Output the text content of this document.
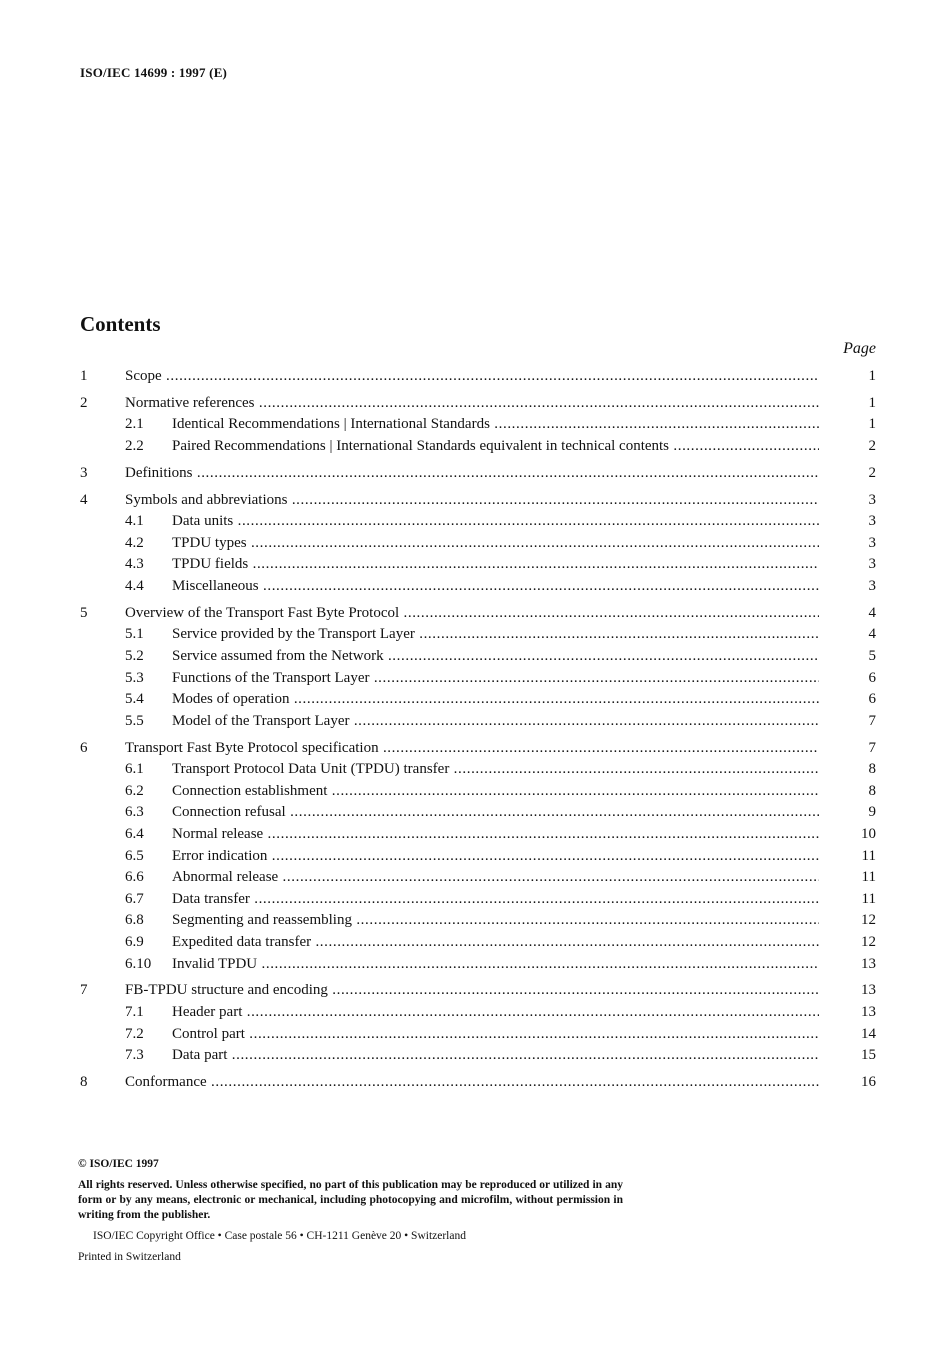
ISO/IEC 14699 : 1997 (E)
Contents
Page
1	Scope .....	1
2	Normative references .....	1
2.1 Identical Recommendations | International Standards .....	1
2.2 Paired Recommendations | International Standards equivalent in technical contents .....	2
3	Definitions .....	2
4	Symbols and abbreviations .....	3
4.1 Data units .....	3
4.2 TPDU types .....	3
4.3 TPDU fields .....	3
4.4 Miscellaneous .....	3
5	Overview of the Transport Fast Byte Protocol .....	4
5.1 Service provided by the Transport Layer .....	4
5.2 Service assumed from the Network .....	5
5.3 Functions of the Transport Layer .....	6
5.4 Modes of operation .....	6
5.5 Model of the Transport Layer .....	7
6	Transport Fast Byte Protocol specification .....	7
6.1 Transport Protocol Data Unit (TPDU) transfer .....	8
6.2 Connection establishment .....	8
6.3 Connection refusal .....	9
6.4 Normal release .....	10
6.5 Error indication .....	11
6.6 Abnormal release .....	11
6.7 Data transfer .....	11
6.8 Segmenting and reassembling .....	12
6.9 Expedited data transfer .....	12
6.10 Invalid TPDU .....	13
7	FB-TPDU structure and encoding .....	13
7.1 Header part .....	13
7.2 Control part .....	14
7.3 Data part .....	15
8	Conformance .....	16
© ISO/IEC 1997
All rights reserved. Unless otherwise specified, no part of this publication may be reproduced or utilized in any form or by any means, electronic or mechanical, including photocopying and microfilm, without permission in writing from the publisher.
ISO/IEC Copyright Office • Case postale 56 • CH-1211 Genève 20 • Switzerland
Printed in Switzerland
